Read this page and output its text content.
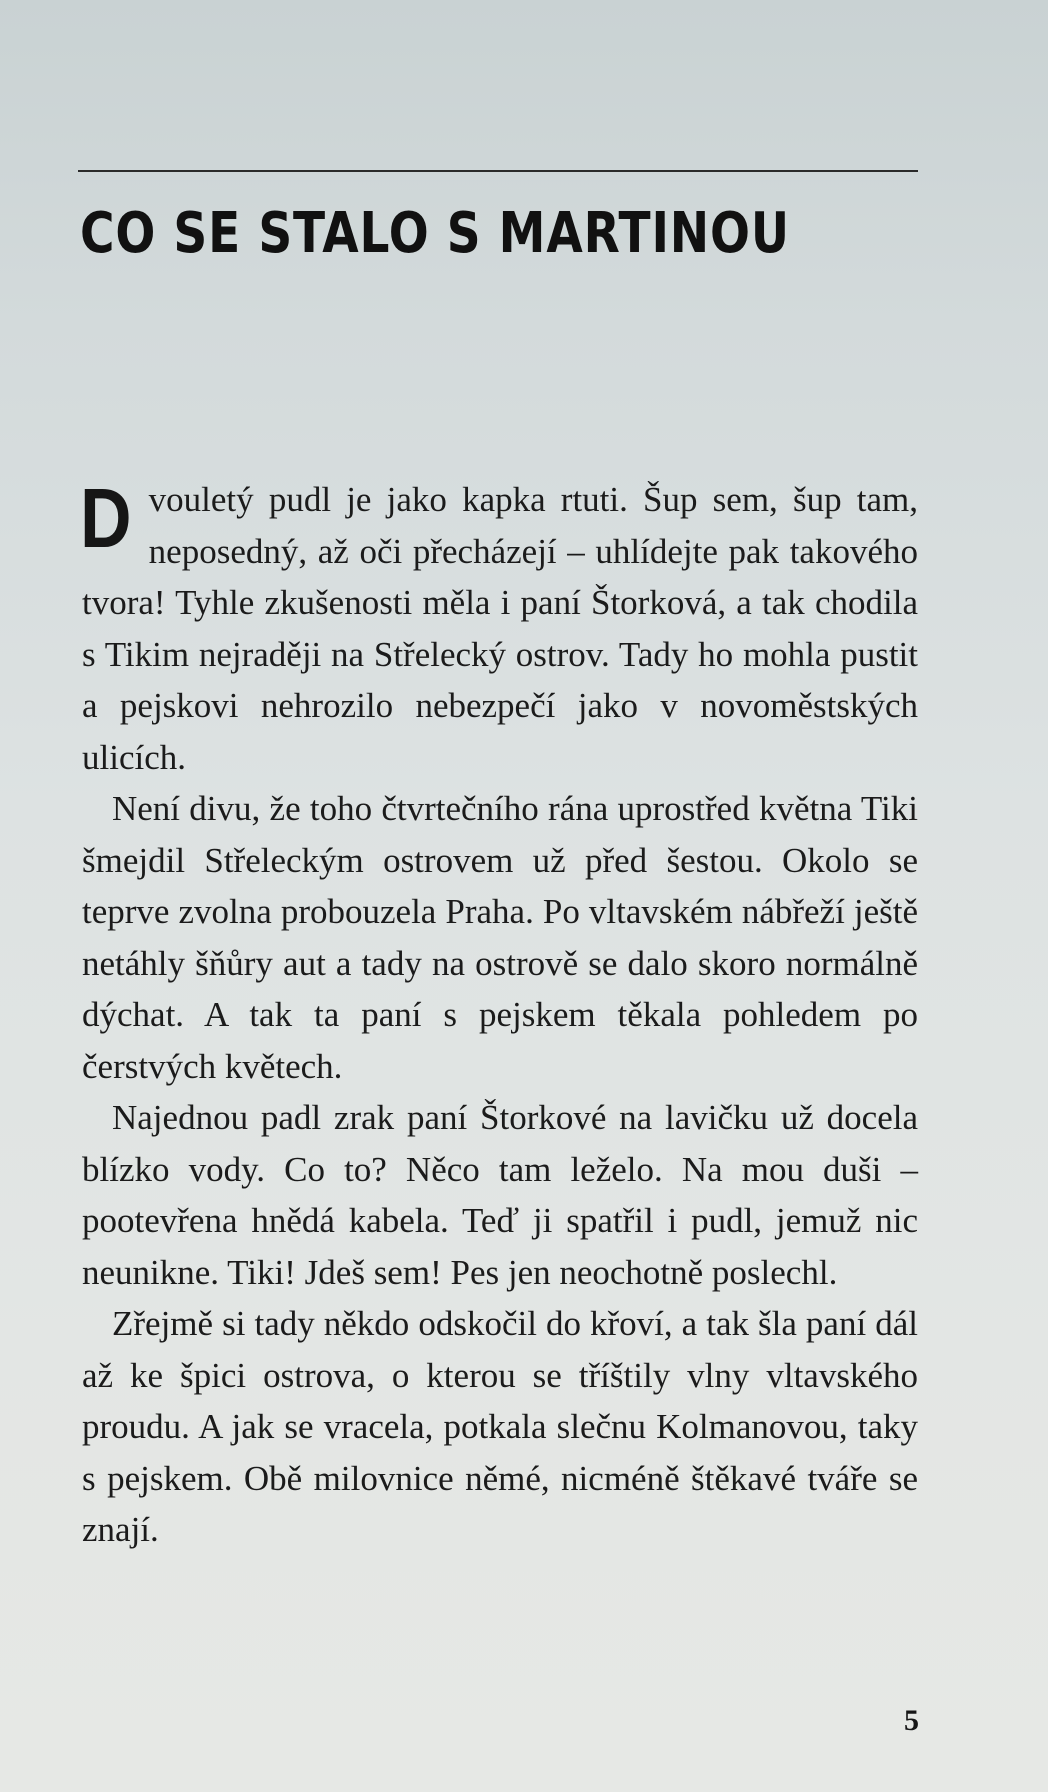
CO SE STALO S MARTINOU

Dvouletý pudl je jako kapka rtuti. Šup sem, šup tam, neposedný, až oči přecházejí – uhlídejte pak takového tvora! Tyhle zkušenosti měla i paní Štorková, a tak chodila s Tikim nejraději na Střelecký ostrov. Tady ho mohla pustit a pejskovi nehrozilo nebezpečí jako v novoměstských ulicích.

Není divu, že toho čtvrtečního rána uprostřed května Tiki šmejdil Střeleckým ostrovem už před šestou. Okolo se teprve zvolna probouzela Praha. Po vltavském nábřeží ještě netáhly šňůry aut a tady na ostrově se dalo skoro normálně dýchat. A tak ta paní s pejskem těkala pohledem po čerstvých květech.

Najednou padl zrak paní Štorkové na lavičku už docela blízko vody. Co to? Něco tam leželo. Na mou duši – pootevřena hnědá kabela. Teď ji spatřil i pudl, jemuž nic neunikne. Tiki! Jdeš sem! Pes jen neochotně poslechl.

Zřejmě si tady někdo odskočil do křoví, a tak šla paní dál až ke špici ostrova, o kterou se tříštily vlny vltavského proudu. A jak se vracela, potkala slečnu Kolmanovou, taky s pejskem. Obě milovnice němé, nicméně štěkavé tváře se znají.

5
